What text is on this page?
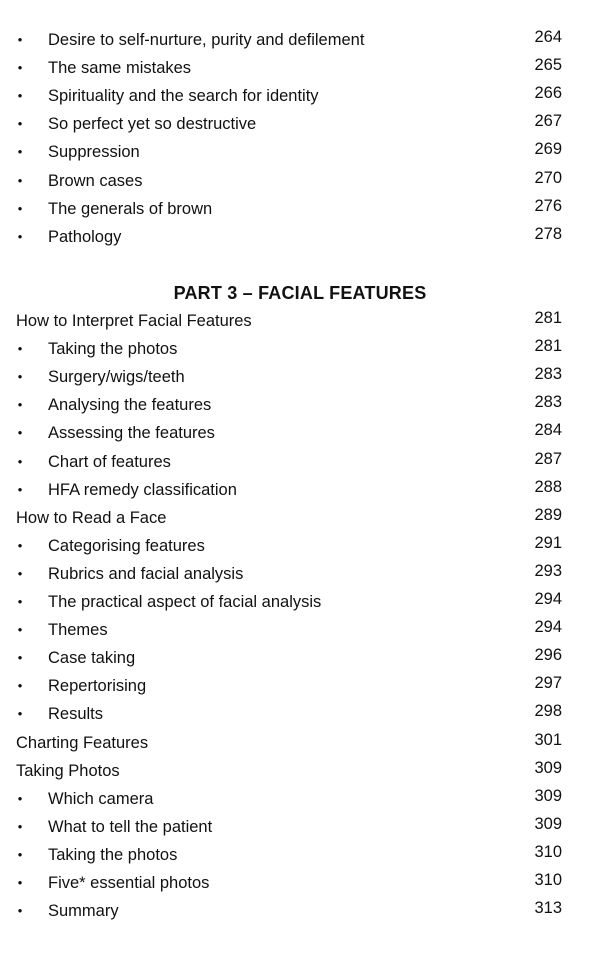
• Desire to self-nurture, purity and defilement	264
• The same mistakes	265
• Spirituality and the search for identity	266
• So perfect yet so destructive	267
• Suppression	269
• Brown cases	270
• The generals of brown	276
• Pathology	278
PART 3 – FACIAL FEATURES
How to Interpret Facial Features	281
• Taking the photos	281
• Surgery/wigs/teeth	283
• Analysing the features	283
• Assessing the features	284
• Chart of features	287
• HFA remedy classification	288
How to Read a Face	289
• Categorising features	291
• Rubrics and facial analysis	293
• The practical aspect of facial analysis	294
• Themes	294
• Case taking	296
• Repertorising	297
• Results	298
Charting Features	301
Taking Photos	309
• Which camera	309
• What to tell the patient	309
• Taking the photos	310
• Five* essential photos	310
• Summary	313
